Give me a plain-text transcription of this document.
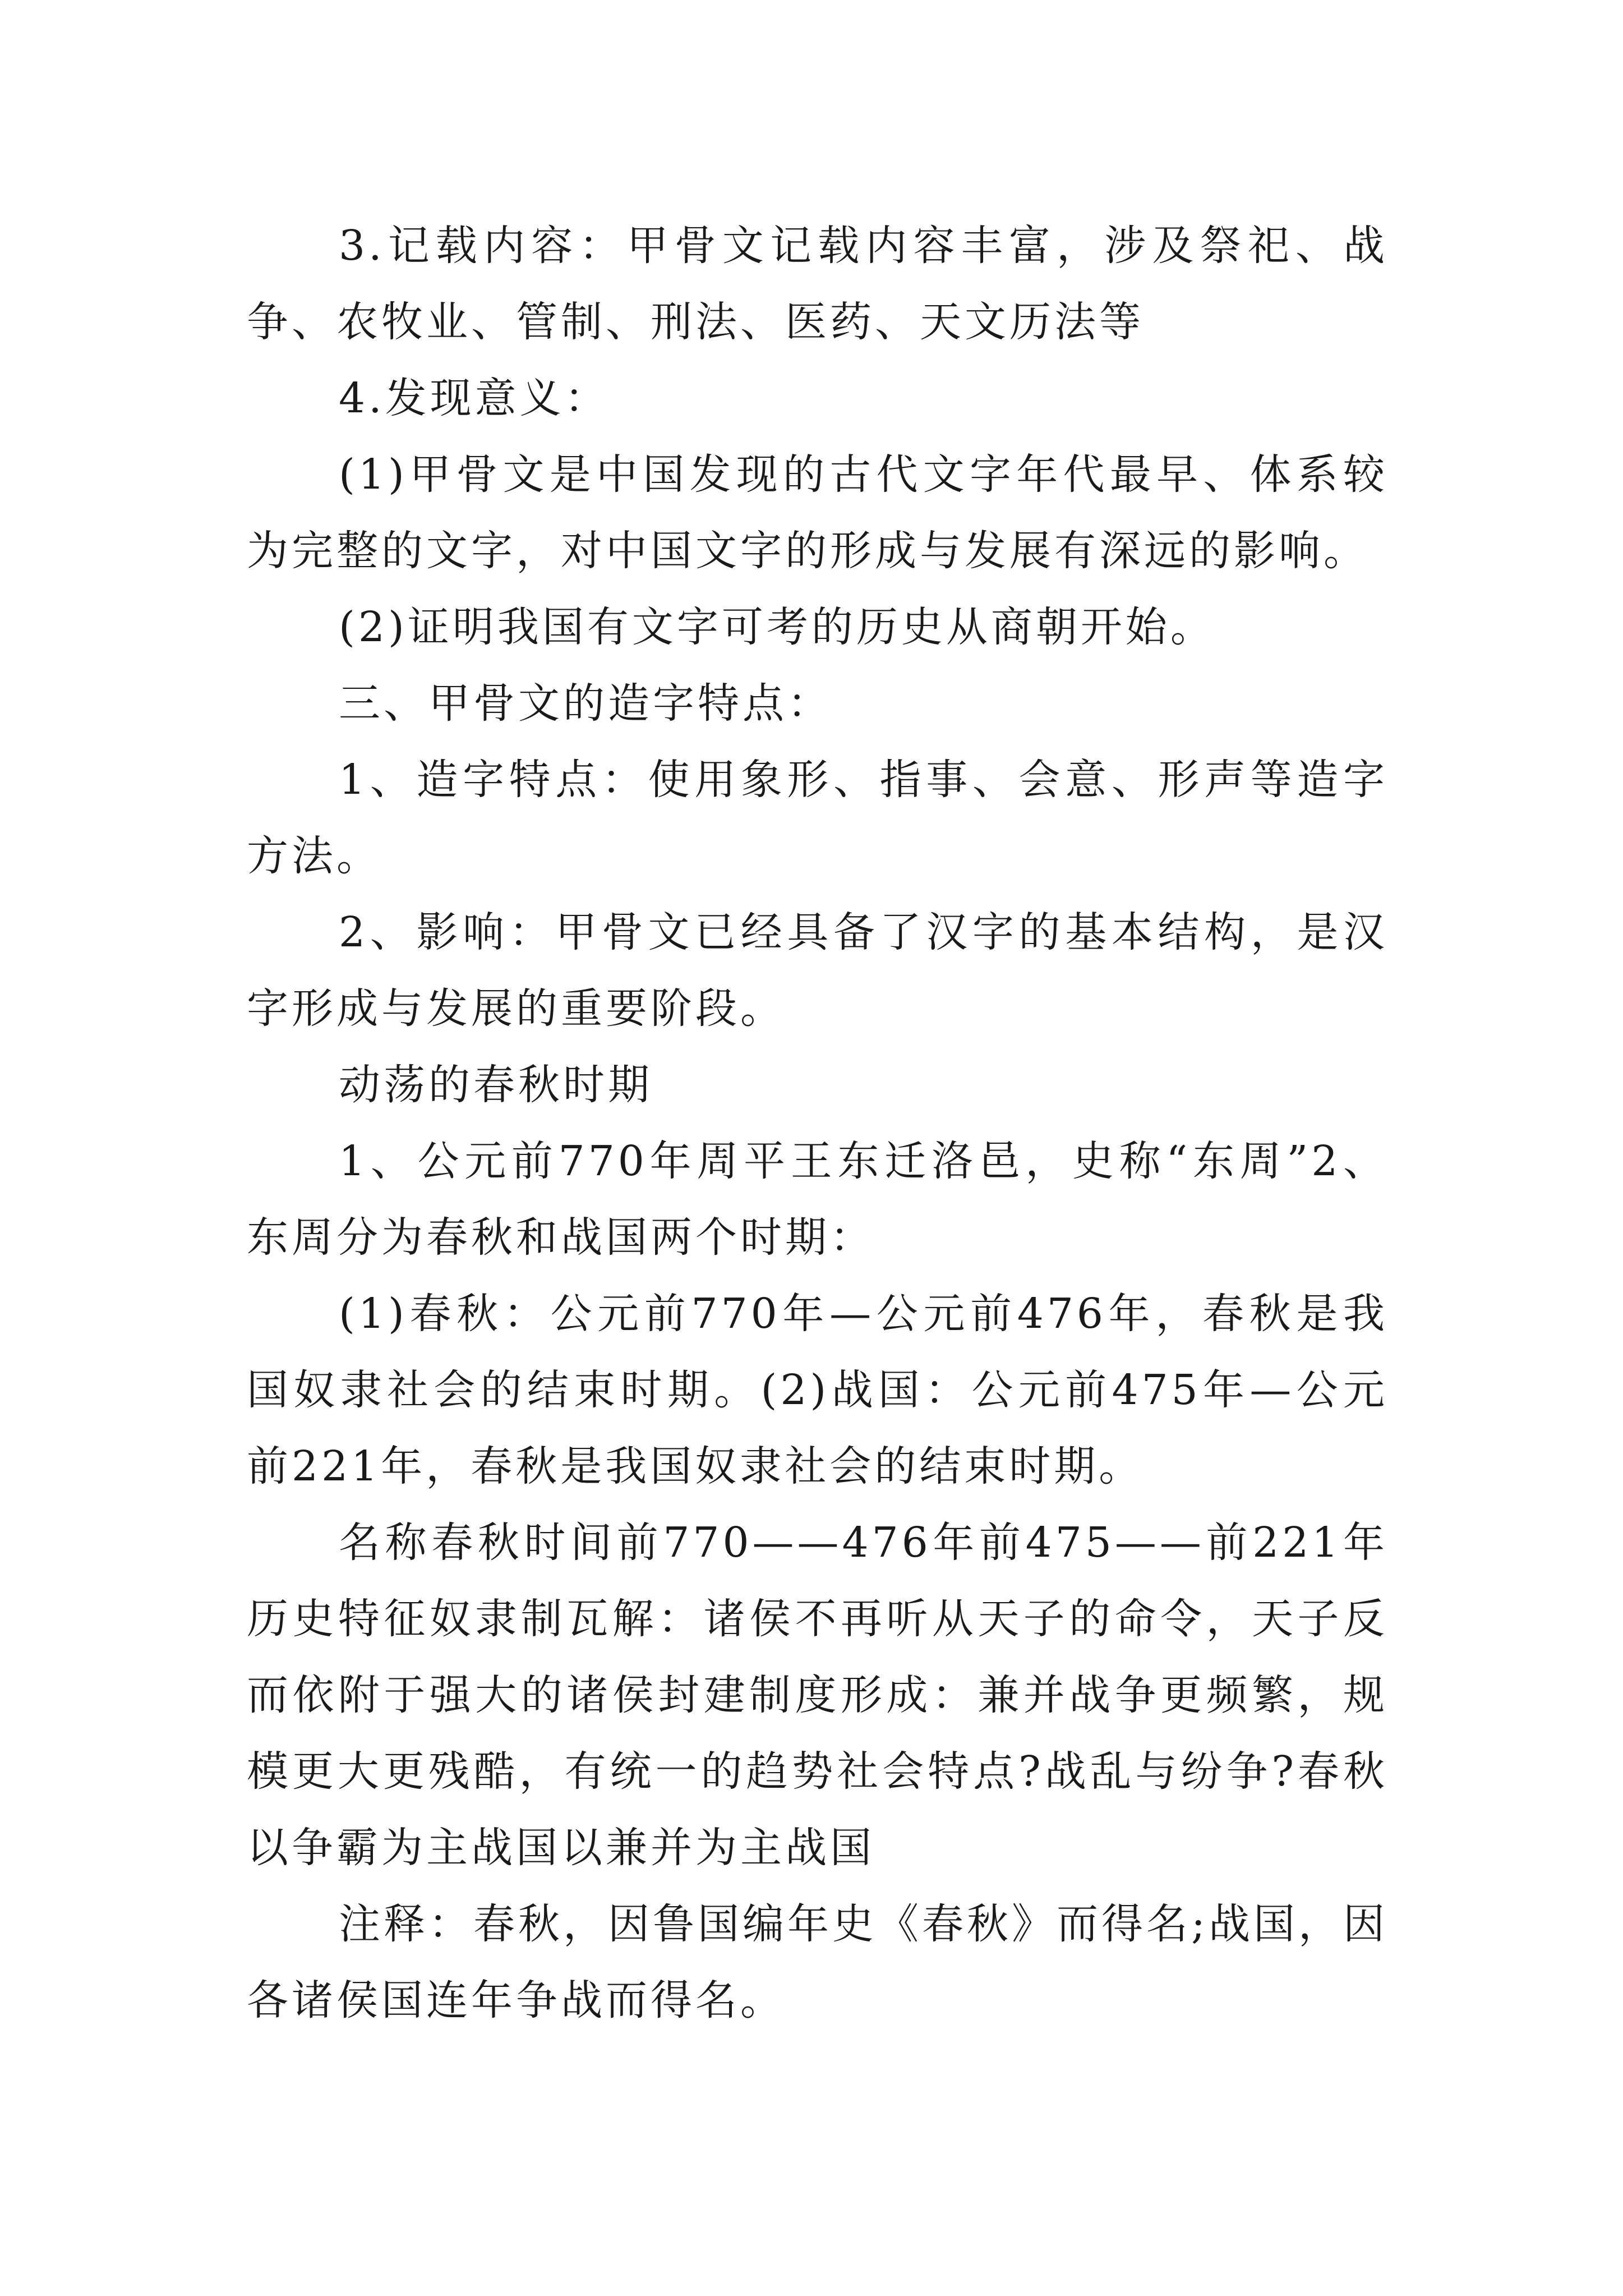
3.记载内容：甲骨文记载内容丰富，涉及祭祀、战争、农牧业、管制、刑法、医药、天文历法等

4.发现意义：

(1)甲骨文是中国发现的古代文字年代最早、体系较为完整的文字，对中国文字的形成与发展有深远的影响。

(2)证明我国有文字可考的历史从商朝开始。

三、甲骨文的造字特点：

1、造字特点：使用象形、指事、会意、形声等造字方法。

2、影响：甲骨文已经具备了汉字的基本结构，是汉字形成与发展的重要阶段。

动荡的春秋时期

1、公元前770年周平王东迁洛邑，史称“东周”2、东周分为春秋和战国两个时期：

(1)春秋：公元前770年—公元前476年，春秋是我国奴隶社会的结束时期。(2)战国：公元前475年—公元前221年，春秋是我国奴隶社会的结束时期。

名称春秋时间前770——476年前475——前221年历史特征奴隶制瓦解：诸侯不再听从天子的命令，天子反而依附于强大的诸侯封建制度形成：兼并战争更频繁，规模更大更残酷，有统一的趋势社会特点?战乱与纷争?春秋以争霸为主战国以兼并为主战国

注释：春秋，因鲁国编年史《春秋》而得名;战国，因各诸侯国连年争战而得名。
